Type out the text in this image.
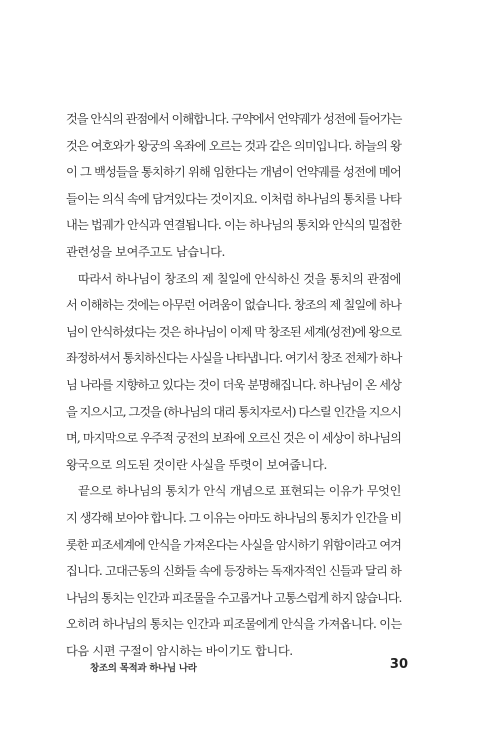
것을 안식의 관점에서 이해합니다. 구약에서 언약궤가 성전에 들어가는
것은 여호와가 왕궁의 옥좌에 오르는 것과 같은 의미입니다. 하늘의 왕
이 그 백성들을 통치하기 위해 임한다는 개념이 언약궤를 성전에 메어
들이는 의식 속에 담겨있다는 것이지요. 이처럼 하나님의 통치를 나타
내는 법궤가 안식과 연결됩니다. 이는 하나님의 통치와 안식의 밀접한
관련성을 보여주고도 남습니다.

따라서 하나님이 창조의 제 칠일에 안식하신 것을 통치의 관점에
서 이해하는 것에는 아무런 어려움이 없습니다. 창조의 제 칠일에 하나
님이 안식하셨다는 것은 하나님이 이제 막 창조된 세계(성전)에 왕으로
좌정하셔서 통치하신다는 사실을 나타냅니다. 여기서 창조 전체가 하나
님 나라를 지향하고 있다는 것이 더욱 분명해집니다. 하나님이 온 세상
을 지으시고, 그것을 (하나님의 대리 통치자로서) 다스릴 인간을 지으시
며, 마지막으로 우주적 궁전의 보좌에 오르신 것은 이 세상이 하나님의
왕국으로 의도된 것이란 사실을 뚜렷이 보여줍니다.

끝으로 하나님의 통치가 안식 개념으로 표현되는 이유가 무엇인
지 생각해 보아야 합니다. 그 이유는 아마도 하나님의 통치가 인간을 비
롯한 피조세계에 안식을 가져온다는 사실을 암시하기 위함이라고 여겨
집니다. 고대근동의 신화들 속에 등장하는 독재자적인 신들과 달리 하
나님의 통치는 인간과 피조물을 수고롭거나 고통스럽게 하지 않습니다.
오히려 하나님의 통치는 인간과 피조물에게 안식을 가져옵니다. 이는
다음 시편 구절이 암시하는 바이기도 합니다.

창조의 목적과 하나님 나라	30
